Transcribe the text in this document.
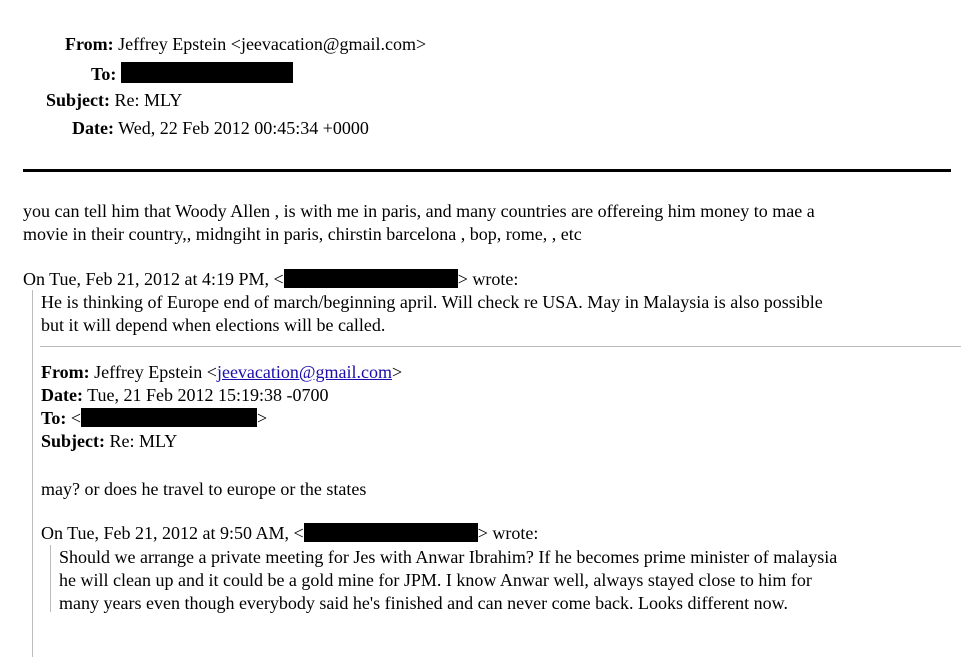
From: Jeffrey Epstein <jeevacation@gmail.com>
To:
Subject: Re: MLY
Date: Wed, 22 Feb 2012 00:45:34 +0000
you can tell him that Woody Allen , is with me in paris, and many countries are offereing him money to mae a
movie in their country,, midngiht in paris, chirstin barcelona , bop, rome, , etc
On Tue, Feb 21, 2012 at 4:19 PM, <	> wrote:
He is thinking of Europe end of march/beginning april. Will check re USA. May in Malaysia is also possible
but it will depend when elections will be called.
From: Jeffrey Epstein <jeevacation@gmail.com>
Date: Tue, 21 Feb 2012 15:19:38 -0700
To: <	>
Subject: Re: MLY
may? or does he travel to europe or the states
On Tue, Feb 21, 2012 at 9:50 AM, <	> wrote:
Should we arrange a private meeting for Jes with Anwar Ibrahim? If he becomes prime minister of malaysia
he will clean up and it could be a gold mine for JPM. I know Anwar well, always stayed close to him for
many years even though everybody said he's finished and can never come back. Looks different now.
